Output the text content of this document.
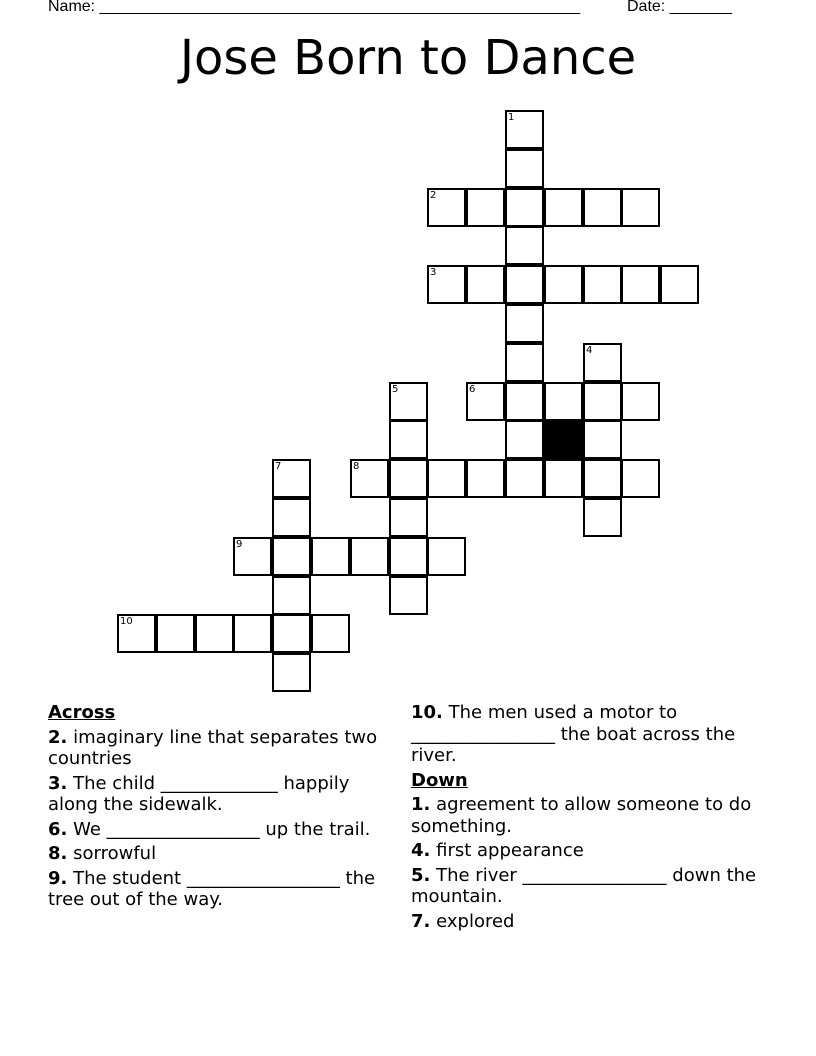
Name: ______________________________________________________	Date: _______
Jose Born to Dance
1
2
3
4
5	6
7	8
9
10
Across
2. imaginary line that separates two countries
3. The child _____________ happily along the sidewalk.
6. We _________________ up the trail.
8. sorrowful
9. The student _________________ the tree out of the way.
10. The men used a motor to ________________ the boat across the river.
Down
1. agreement to allow someone to do something.
4. first appearance
5. The river ________________ down the mountain.
7. explored
